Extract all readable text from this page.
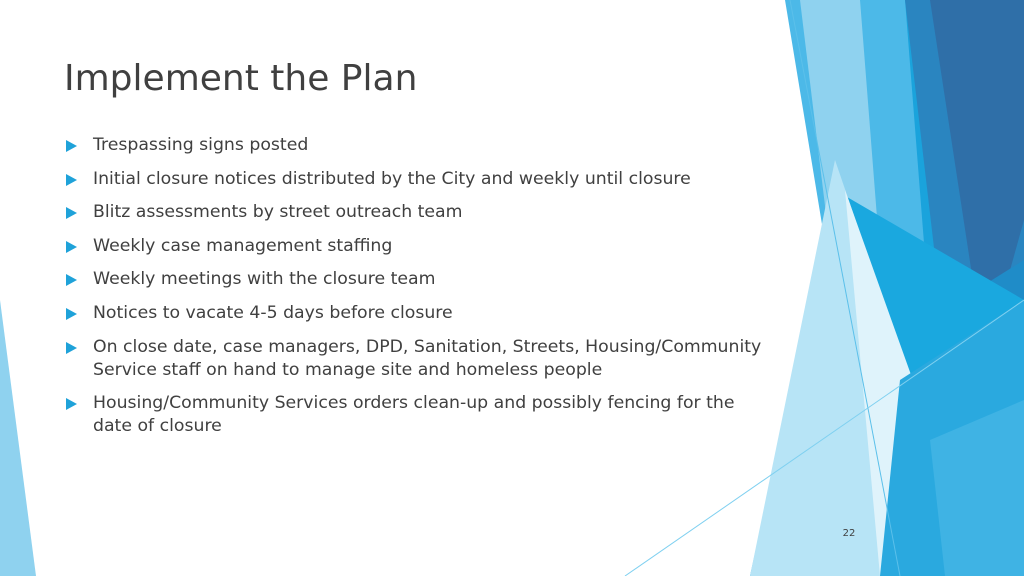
Implement the Plan
Trespassing signs posted
Initial closure notices distributed by the City and weekly until closure
Blitz assessments by street outreach team
Weekly case management staffing
Weekly meetings with the closure team
Notices to vacate 4-5 days before closure
On close date, case managers, DPD, Sanitation, Streets, Housing/Community Service staff on hand to manage site and homeless people
Housing/Community Services orders clean-up and possibly fencing for the date of closure
22
